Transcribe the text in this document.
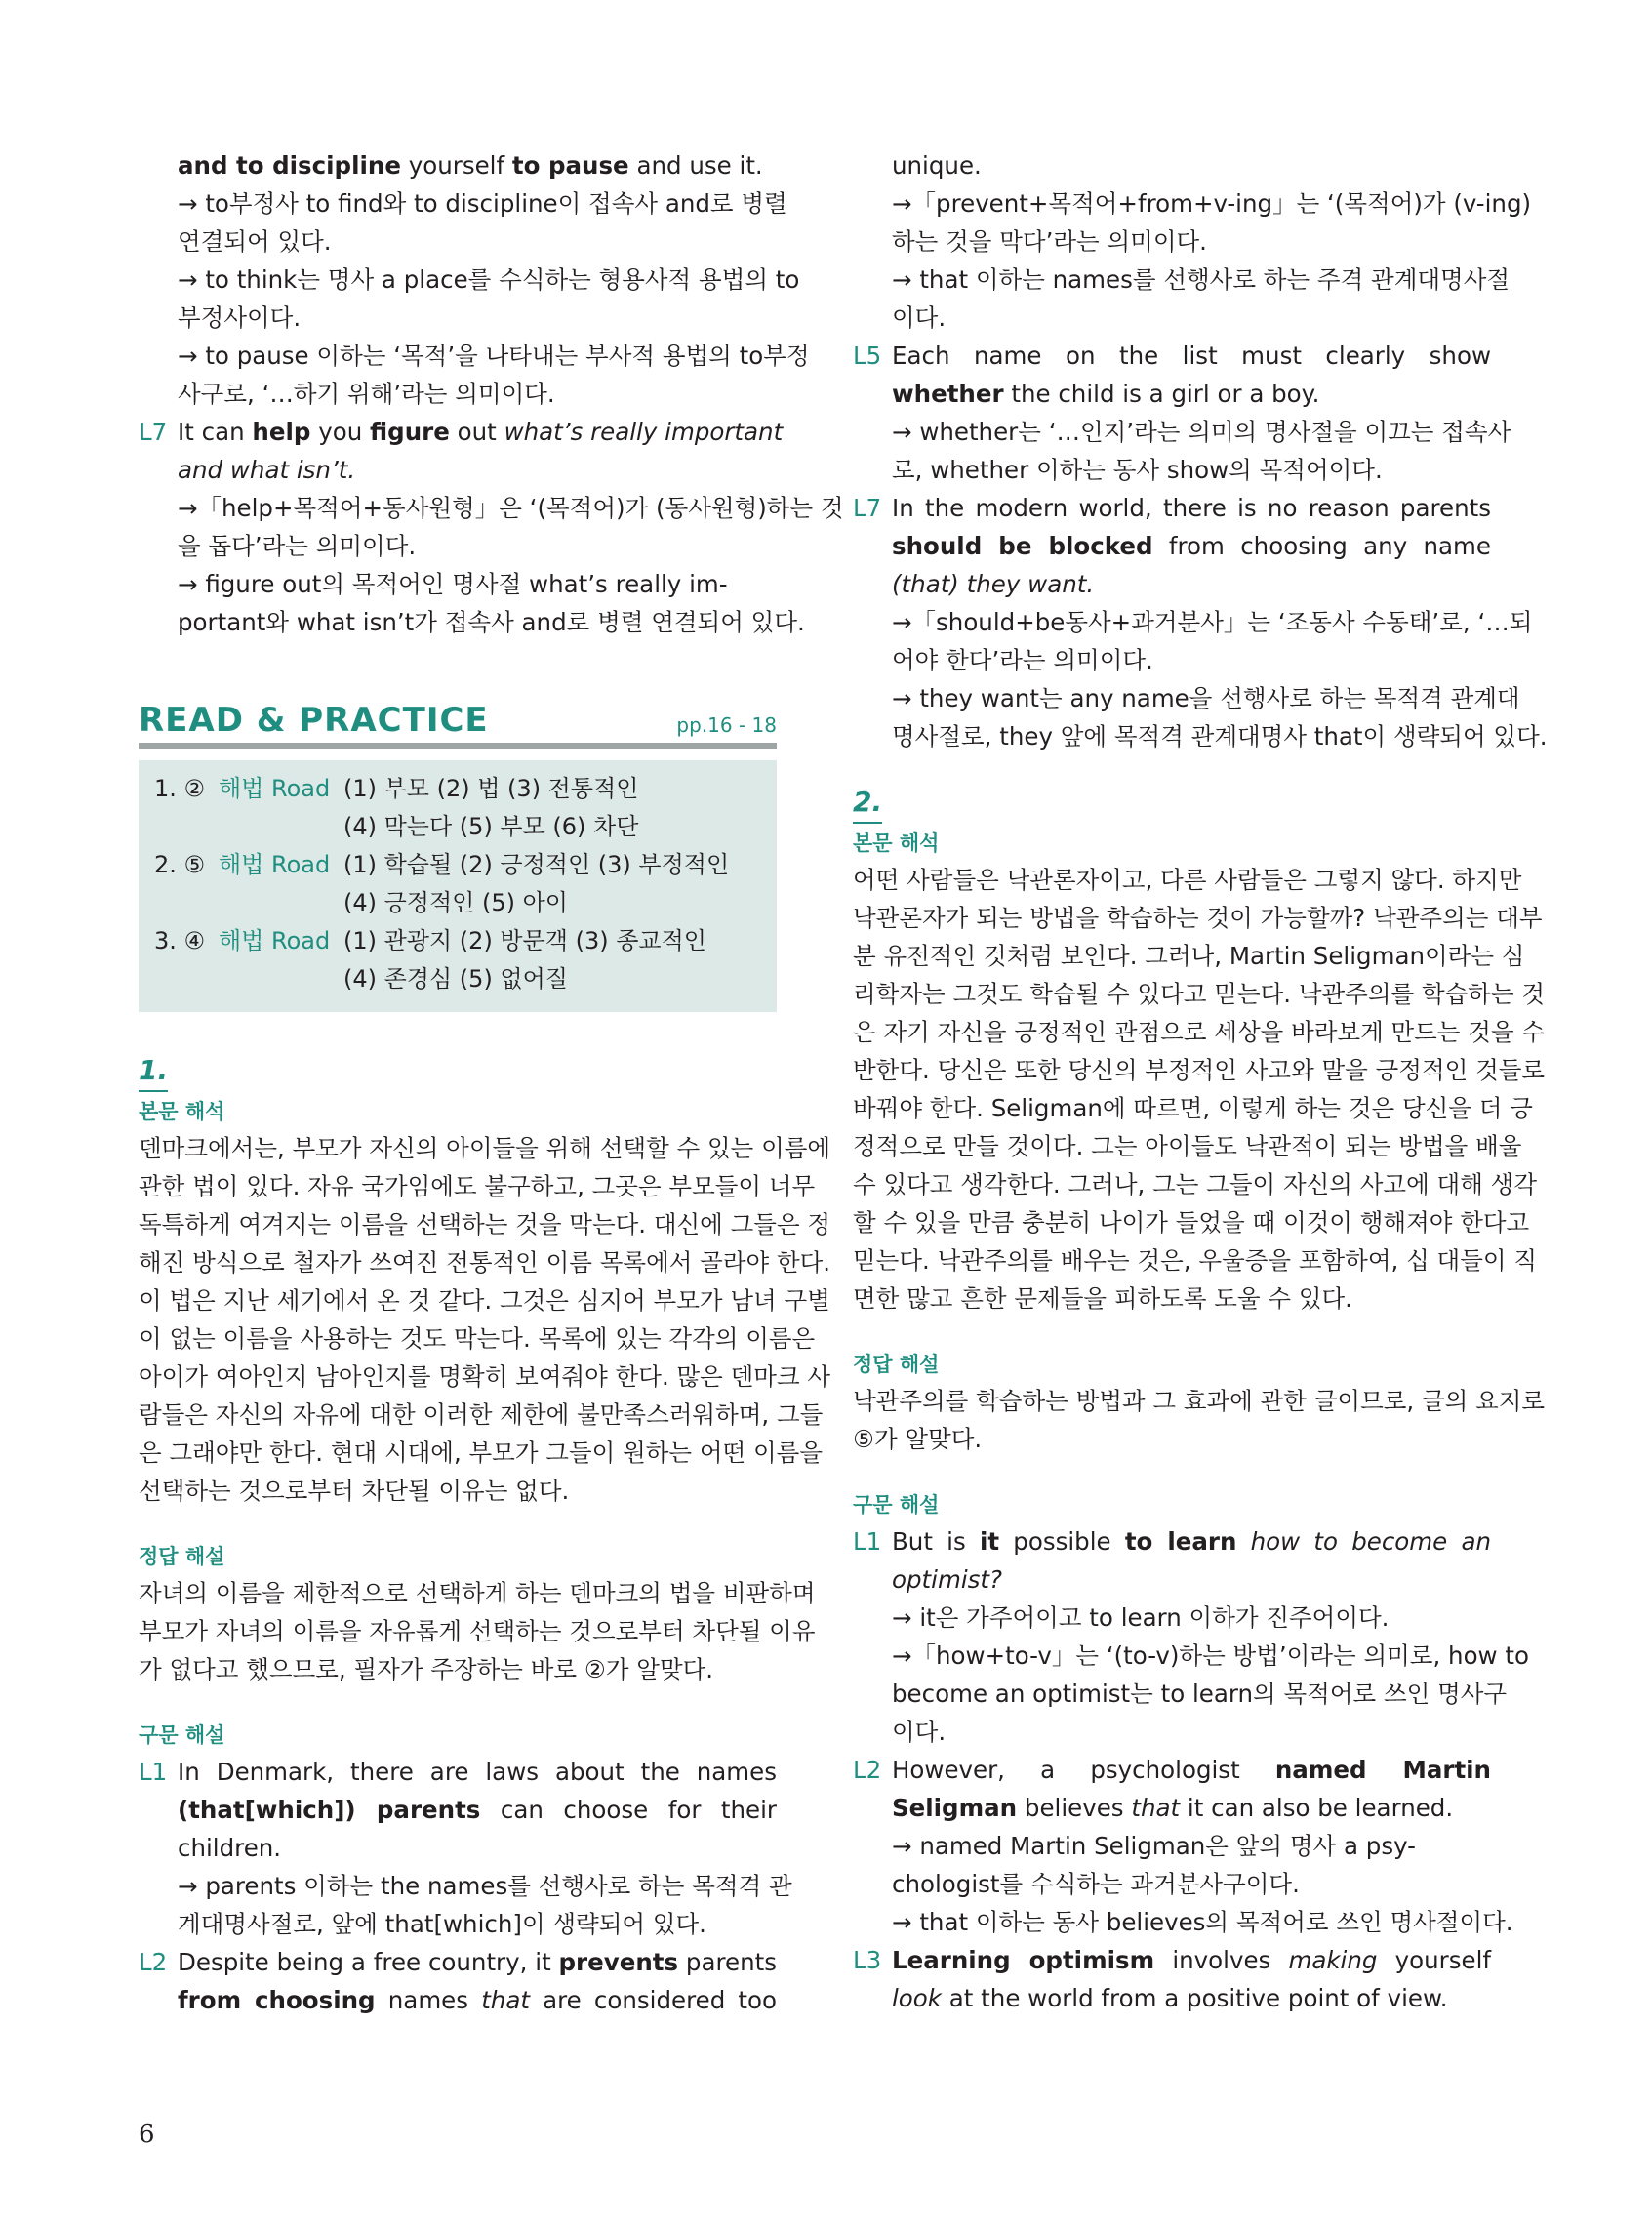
and to discipline yourself to pause and use it.
→ to부정사 to find와 to discipline이 접속사 and로 병렬
연결되어 있다.
→ to think는 명사 a place를 수식하는 형용사적 용법의 to
부정사이다.
→ to pause 이하는 ‘목적’을 나타내는 부사적 용법의 to부정
사구로, ‘…하기 위해’라는 의미이다.
L7 It can help you figure out what’s really important
and what isn’t.
→「help+목적어+동사원형」은 ‘(목적어)가 (동사원형)하는 것
을 돕다’라는 의미이다.
→ figure out의 목적어인 명사절 what’s really im-
portant와 what isn’t가 접속사 and로 병렬 연결되어 있다.
READ & PRACTICE	pp.16 - 18
1. ② 해법 Road (1) 부모 (2) 법 (3) 전통적인
(4) 막는다 (5) 부모 (6) 차단
2. ⑤ 해법 Road (1) 학습될 (2) 긍정적인 (3) 부정적인
(4) 긍정적인 (5) 아이
3. ④ 해법 Road (1) 관광지 (2) 방문객 (3) 종교적인
(4) 존경심 (5) 없어질
1.
본문 해석
덴마크에서는, 부모가 자신의 아이들을 위해 선택할 수 있는 이름에
관한 법이 있다. 자유 국가임에도 불구하고, 그곳은 부모들이 너무
독특하게 여겨지는 이름을 선택하는 것을 막는다. 대신에 그들은 정
해진 방식으로 철자가 쓰여진 전통적인 이름 목록에서 골라야 한다.
이 법은 지난 세기에서 온 것 같다. 그것은 심지어 부모가 남녀 구별
이 없는 이름을 사용하는 것도 막는다. 목록에 있는 각각의 이름은
아이가 여아인지 남아인지를 명확히 보여줘야 한다. 많은 덴마크 사
람들은 자신의 자유에 대한 이러한 제한에 불만족스러워하며, 그들
은 그래야만 한다. 현대 시대에, 부모가 그들이 원하는 어떤 이름을
선택하는 것으로부터 차단될 이유는 없다.
정답 해설
자녀의 이름을 제한적으로 선택하게 하는 덴마크의 법을 비판하며
부모가 자녀의 이름을 자유롭게 선택하는 것으로부터 차단될 이유
가 없다고 했으므로, 필자가 주장하는 바로 ②가 알맞다.
구문 해설
L1 In Denmark, there are laws about the names
(that[which]) parents can choose for their
children.
→ parents 이하는 the names를 선행사로 하는 목적격 관
계대명사절로, 앞에 that[which]이 생략되어 있다.
L2 Despite being a free country, it prevents parents
from choosing names that are considered too
unique.
→「prevent+목적어+from+v-ing」는 ‘(목적어)가 (v-ing)
하는 것을 막다’라는 의미이다.
→ that 이하는 names를 선행사로 하는 주격 관계대명사절
이다.
L5 Each name on the list must clearly show
whether the child is a girl or a boy.
→ whether는 ‘…인지’라는 의미의 명사절을 이끄는 접속사
로, whether 이하는 동사 show의 목적어이다.
L7 In the modern world, there is no reason parents
should be blocked from choosing any name
(that) they want.
→「should+be동사+과거분사」는 ‘조동사 수동태’로, ‘…되
어야 한다’라는 의미이다.
→ they want는 any name을 선행사로 하는 목적격 관계대
명사절로, they 앞에 목적격 관계대명사 that이 생략되어 있다.
2.
본문 해석
어떤 사람들은 낙관론자이고, 다른 사람들은 그렇지 않다. 하지만
낙관론자가 되는 방법을 학습하는 것이 가능할까? 낙관주의는 대부
분 유전적인 것처럼 보인다. 그러나, Martin Seligman이라는 심
리학자는 그것도 학습될 수 있다고 믿는다. 낙관주의를 학습하는 것
은 자기 자신을 긍정적인 관점으로 세상을 바라보게 만드는 것을 수
반한다. 당신은 또한 당신의 부정적인 사고와 말을 긍정적인 것들로
바꿔야 한다. Seligman에 따르면, 이렇게 하는 것은 당신을 더 긍
정적으로 만들 것이다. 그는 아이들도 낙관적이 되는 방법을 배울
수 있다고 생각한다. 그러나, 그는 그들이 자신의 사고에 대해 생각
할 수 있을 만큼 충분히 나이가 들었을 때 이것이 행해져야 한다고
믿는다. 낙관주의를 배우는 것은, 우울증을 포함하여, 십 대들이 직
면한 많고 흔한 문제들을 피하도록 도울 수 있다.
정답 해설
낙관주의를 학습하는 방법과 그 효과에 관한 글이므로, 글의 요지로
⑤가 알맞다.
구문 해설
L1 But is it possible to learn how to become an
optimist?
→ it은 가주어이고 to learn 이하가 진주어이다.
→「how+to-v」는 ‘(to-v)하는 방법’이라는 의미로, how to
become an optimist는 to learn의 목적어로 쓰인 명사구
이다.
L2 However, a psychologist named Martin
Seligman believes that it can also be learned.
→ named Martin Seligman은 앞의 명사 a psy-
chologist를 수식하는 과거분사구이다.
→ that 이하는 동사 believes의 목적어로 쓰인 명사절이다.
L3 Learning optimism involves making yourself
look at the world from a positive point of view.
6
